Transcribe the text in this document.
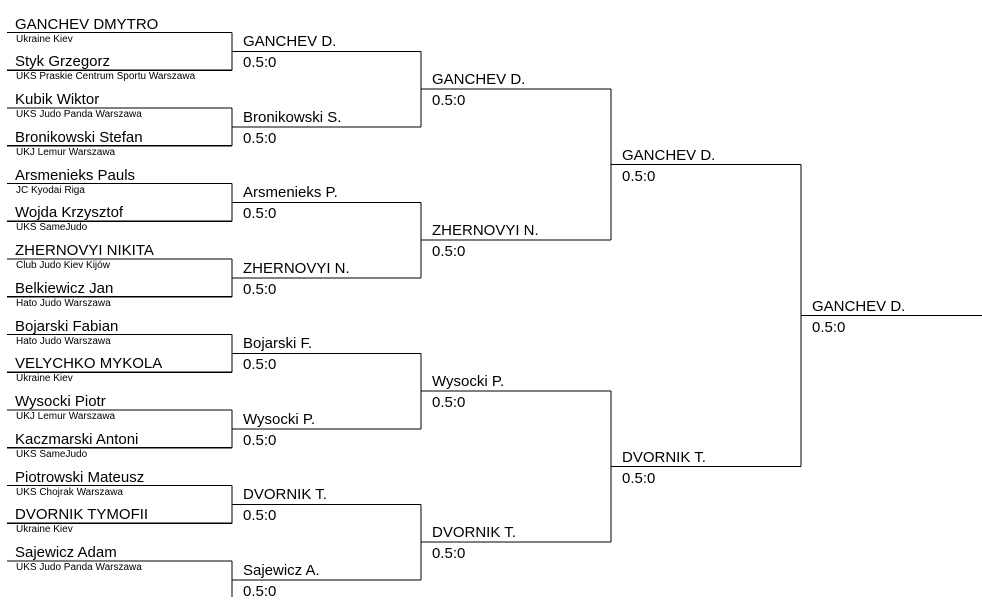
GANCHEV DMYTRO
Ukraine Kiev
Styk Grzegorz
UKS Praskie Centrum Sportu Warszawa
Kubik Wiktor
UKS Judo Panda Warszawa
Bronikowski Stefan
UKJ Lemur Warszawa
Arsmenieks Pauls
JC Kyodai Riga
Wojda Krzysztof
UKS SameJudo
ZHERNOVYI NIKITA
Club Judo Kiev Kijów
Belkiewicz Jan
Hato Judo Warszawa
Bojarski Fabian
Hato Judo Warszawa
VELYCHKO MYKOLA
Ukraine Kiev
Wysocki Piotr
UKJ Lemur Warszawa
Kaczmarski Antoni
UKS SameJudo
Piotrowski Mateusz
UKS Chojrak Warszawa
DVORNIK TYMOFII
Ukraine Kiev
Sajewicz Adam
UKS Judo Panda Warszawa
GANCHEV D.
0.5:0
Bronikowski S.
0.5:0
Arsmenieks P.
0.5:0
ZHERNOVYI N.
0.5:0
Bojarski F.
0.5:0
Wysocki P.
0.5:0
DVORNIK T.
0.5:0
Sajewicz A.
0.5:0
GANCHEV D.
0.5:0
ZHERNOVYI N.
0.5:0
Wysocki P.
0.5:0
DVORNIK T.
0.5:0
GANCHEV D.
0.5:0
DVORNIK T.
0.5:0
GANCHEV D.
0.5:0
